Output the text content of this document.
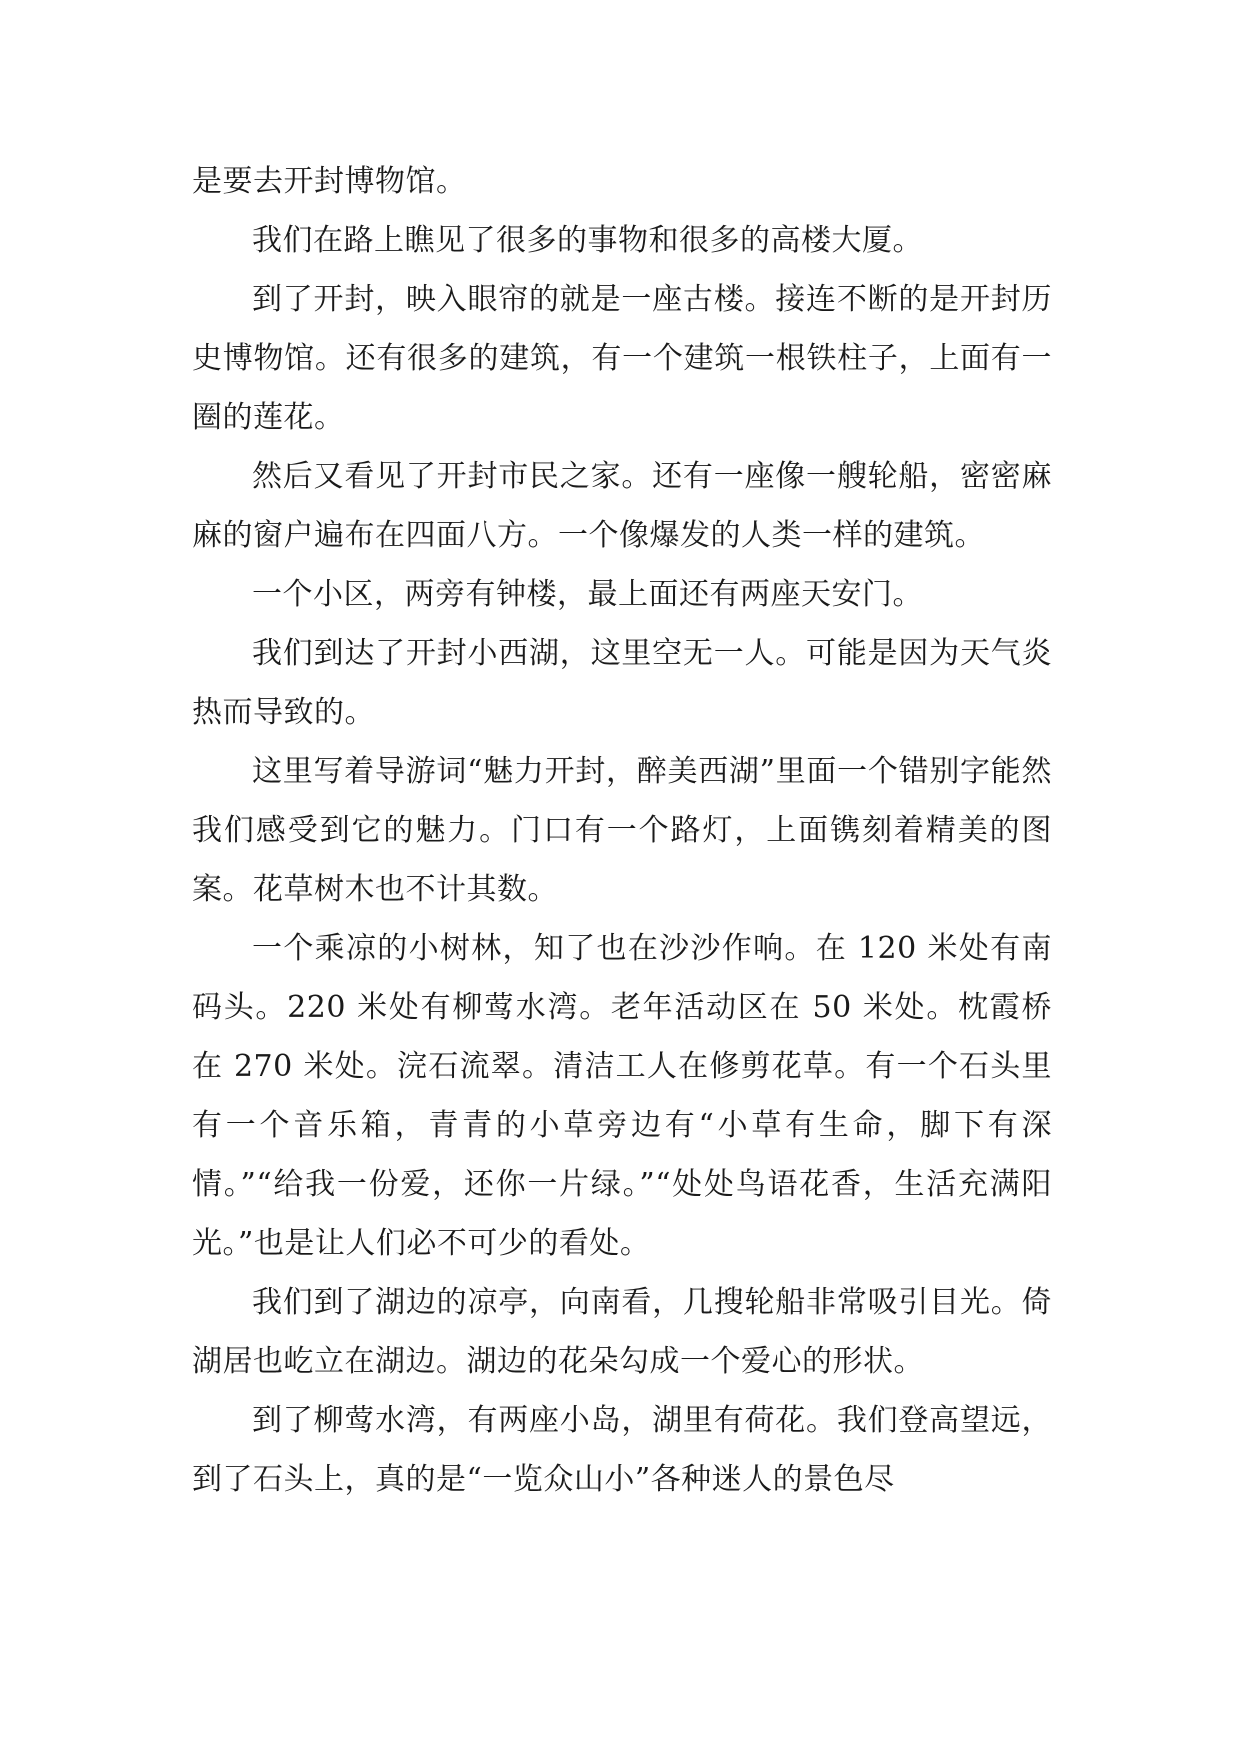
是要去开封博物馆。

我们在路上瞧见了很多的事物和很多的高楼大厦。

到了开封，映入眼帘的就是一座古楼。接连不断的是开封历史博物馆。还有很多的建筑，有一个建筑一根铁柱子，上面有一圈的莲花。

然后又看见了开封市民之家。还有一座像一艘轮船，密密麻麻的窗户遍布在四面八方。一个像爆发的人类一样的建筑。

一个小区，两旁有钟楼，最上面还有两座天安门。

我们到达了开封小西湖，这里空无一人。可能是因为天气炎热而导致的。

这里写着导游词“魅力开封，醉美西湖”里面一个错别字能然我们感受到它的魅力。门口有一个路灯，上面镌刻着精美的图案。花草树木也不计其数。

一个乘凉的小树林，知了也在沙沙作响。在 120 米处有南码头。220 米处有柳莺水湾。老年活动区在 50 米处。枕霞桥在 270 米处。浣石流翠。清洁工人在修剪花草。有一个石头里有一个音乐箱，青青的小草旁边有“小草有生命，脚下有深情。”“给我一份爱，还你一片绿。”“处处鸟语花香，生活充满阳光。”也是让人们必不可少的看处。

我们到了湖边的凉亭，向南看，几搜轮船非常吸引目光。倚湖居也屹立在湖边。湖边的花朵勾成一个爱心的形状。

到了柳莺水湾，有两座小岛，湖里有荷花。我们登高望远，到了石头上，真的是“一览众山小”各种迷人的景色尽
